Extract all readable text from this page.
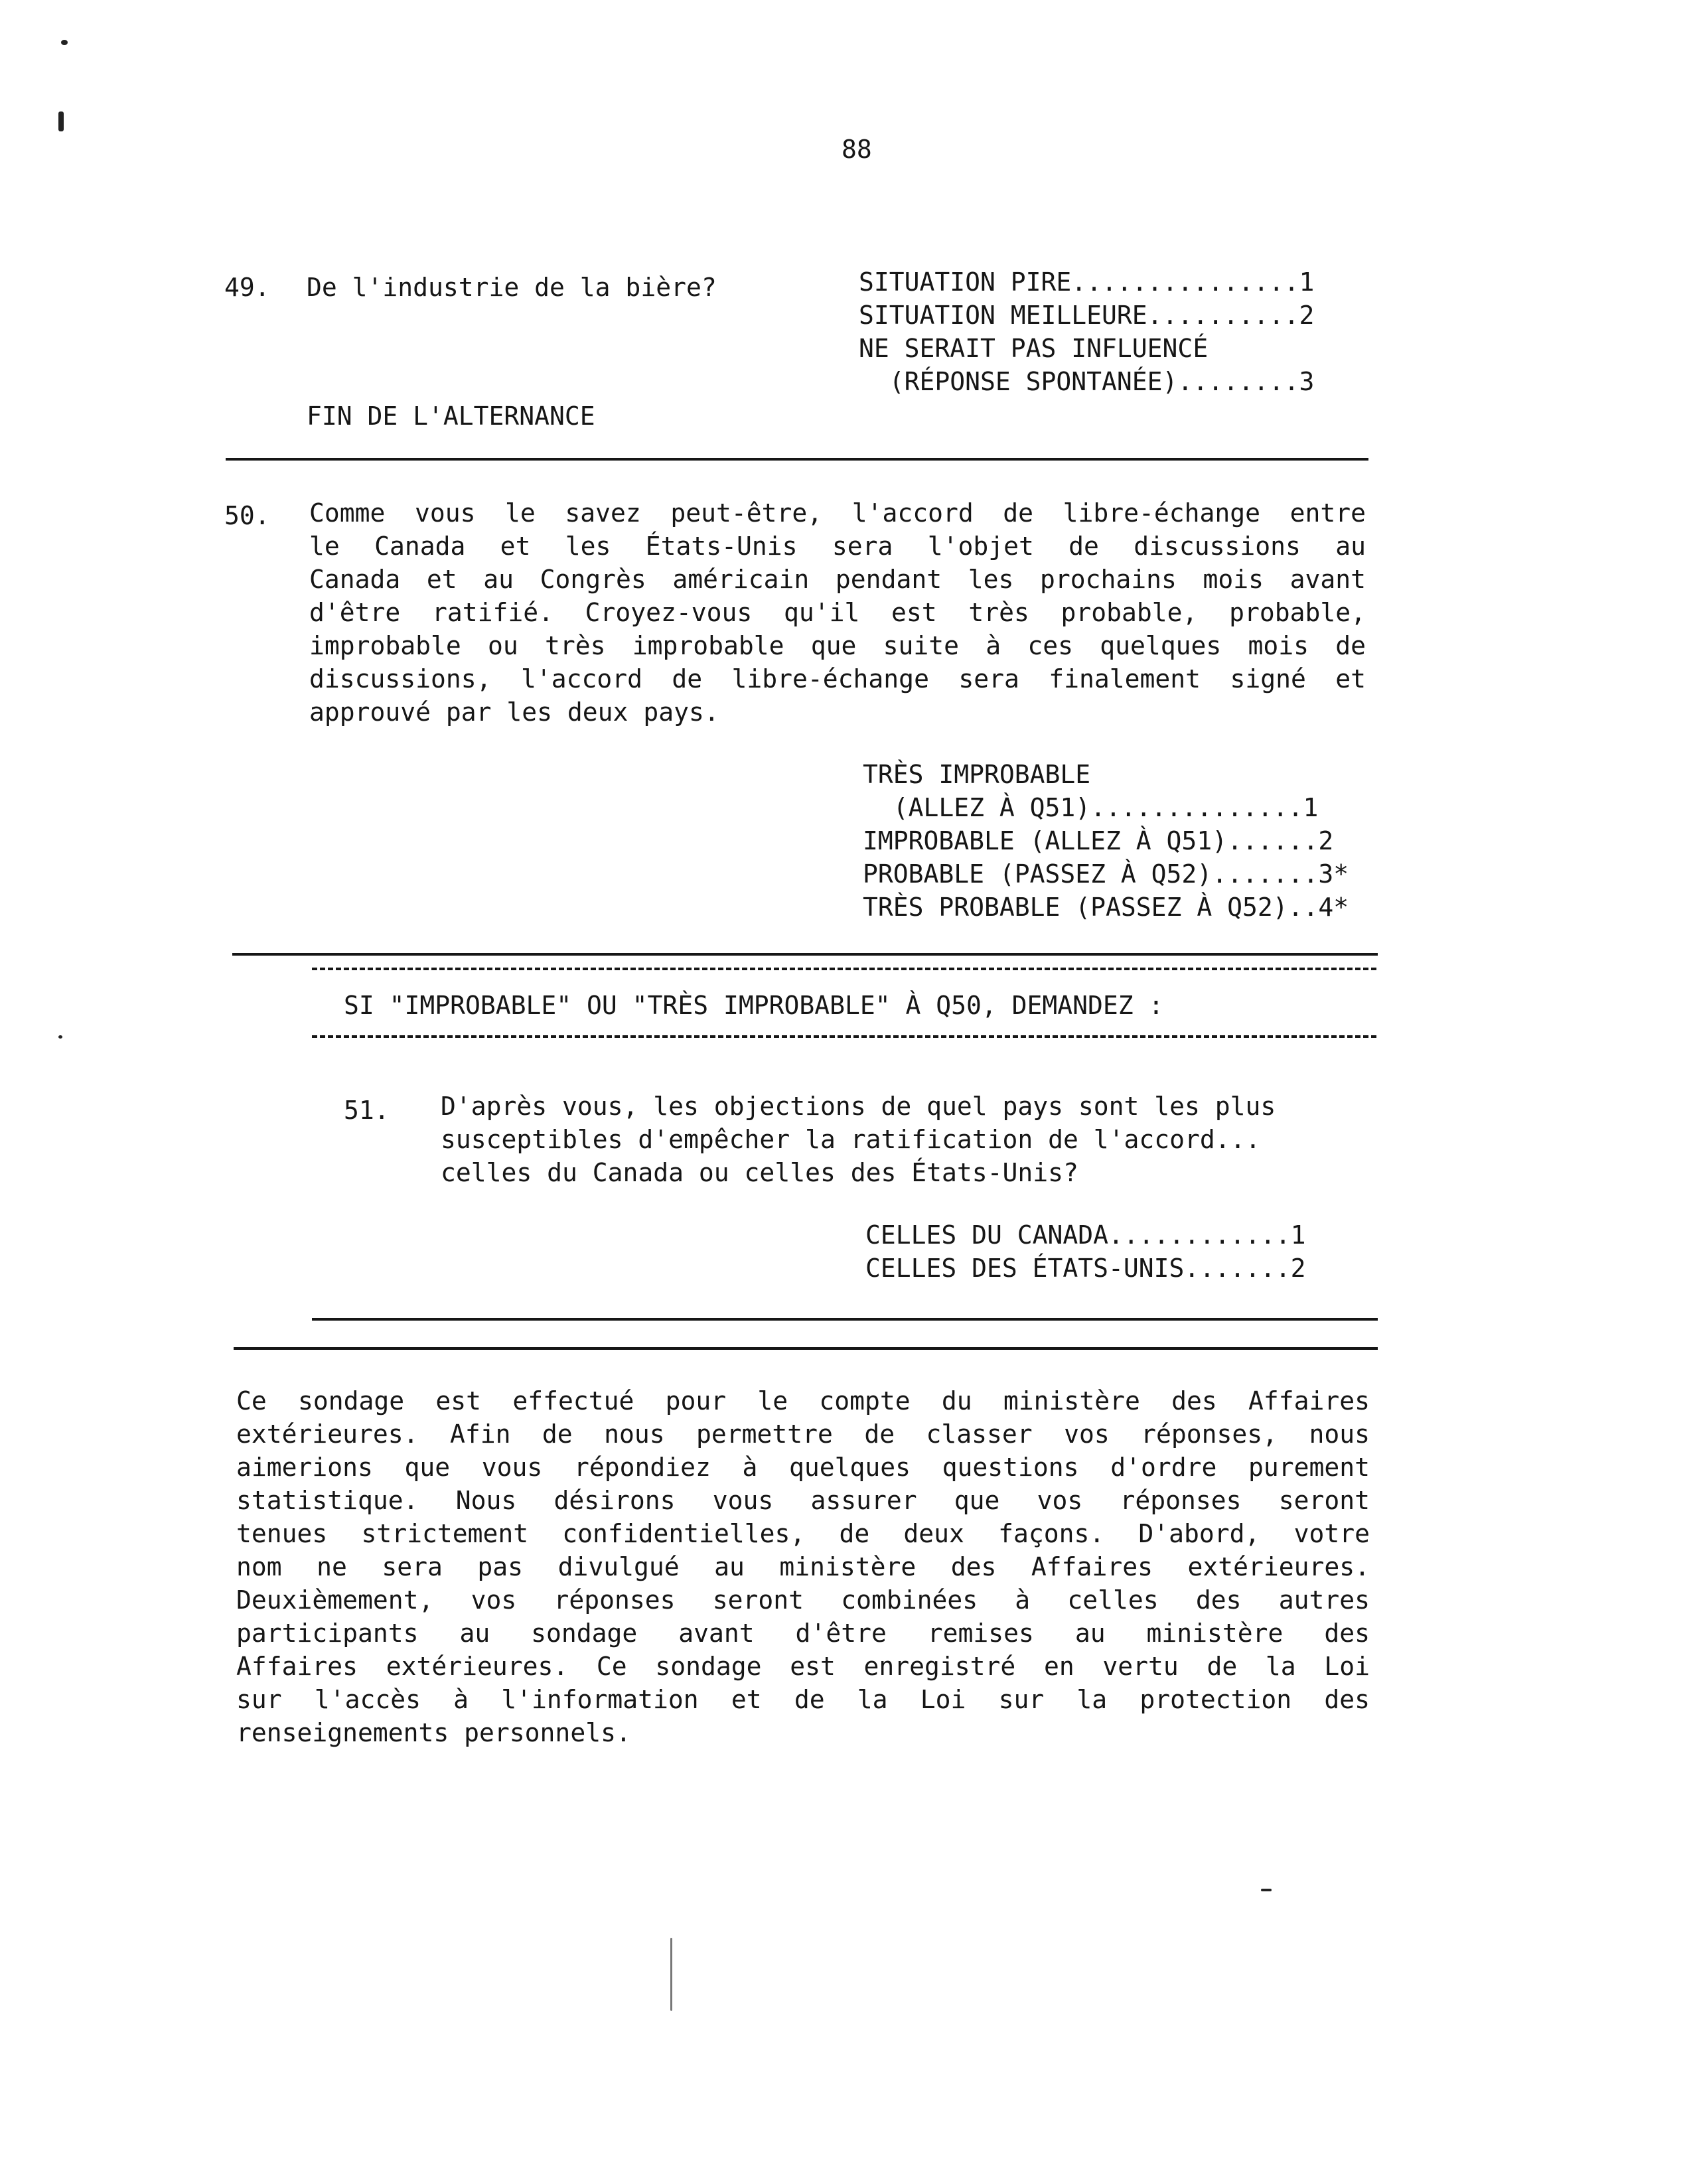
88
49. De l'industrie de la bière?	SITUATION PIRE...............1
SITUATION MEILLEURE..........2
NE SERAIT PAS INFLUENCÉ
(RÉPONSE SPONTANÉE)........3
FIN DE L'ALTERNANCE
50. Comme vous le savez peut-être, l'accord de libre-échange entre
le Canada et les États-Unis sera l'objet de discussions au
Canada et au Congrès américain pendant les prochains mois avant
d'être ratifié. Croyez-vous qu'il est très probable, probable,
improbable ou très improbable que suite à ces quelques mois de
discussions, l'accord de libre-échange sera finalement signé et
approuvé par les deux pays.
TRÈS IMPROBABLE
(ALLEZ À Q51)..............1
IMPROBABLE (ALLEZ À Q51)......2
PROBABLE (PASSEZ À Q52).......3*
TRÈS PROBABLE (PASSEZ À Q52)..4*
SI "IMPROBABLE" OU "TRÈS IMPROBABLE" À Q50, DEMANDEZ :
51. D'après vous, les objections de quel pays sont les plus
susceptibles d'empêcher la ratification de l'accord...
celles du Canada ou celles des États-Unis?
CELLES DU CANADA............1
CELLES DES ÉTATS-UNIS.......2
Ce sondage est effectué pour le compte du ministère des Affaires
extérieures. Afin de nous permettre de classer vos réponses, nous
aimerions que vous répondiez à quelques questions d'ordre purement
statistique. Nous désirons vous assurer que vos réponses seront
tenues strictement confidentielles, de deux façons. D'abord, votre
nom ne sera pas divulgué au ministère des Affaires extérieures.
Deuxièmement, vos réponses seront combinées à celles des autres
participants au sondage avant d'être remises au ministère des
Affaires extérieures. Ce sondage est enregistré en vertu de la Loi
sur l'accès à l'information et de la Loi sur la protection des
renseignements personnels.
